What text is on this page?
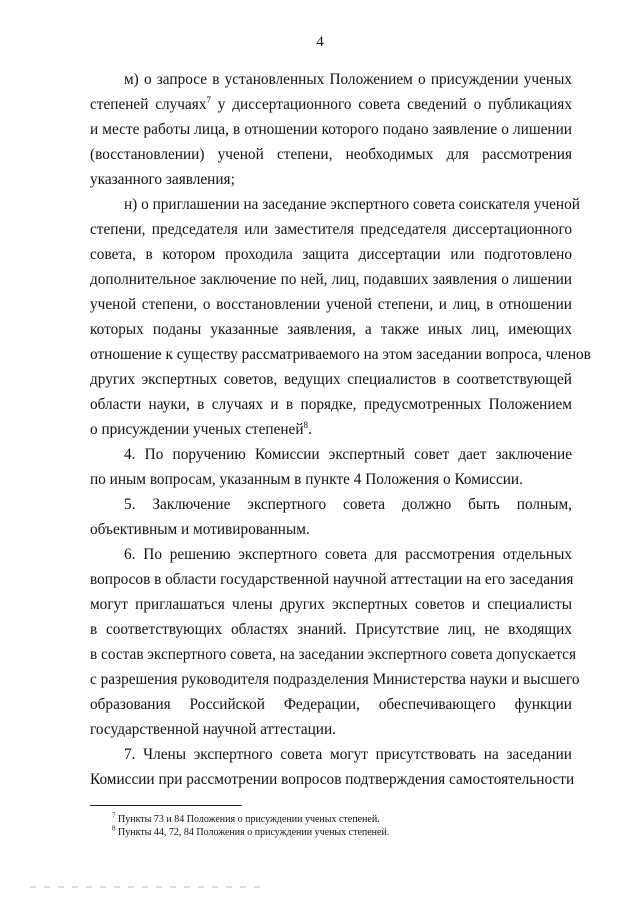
4
м) о запросе в установленных Положением о присуждении ученых
степеней случаях$^7$ у диссертационного совета сведений о публикациях
и месте работы лица, в отношении которого подано заявление о лишении
(восстановлении) ученой степени, необходимых для рассмотрения
указанного заявления;
н) о приглашении на заседание экспертного совета соискателя ученой
степени, председателя или заместителя председателя диссертационного
совета, в котором проходила защита диссертации или подготовлено
дополнительное заключение по ней, лиц, подавших заявления о лишении
ученой степени, о восстановлении ученой степени, и лиц, в отношении
которых поданы указанные заявления, а также иных лиц, имеющих
отношение к существу рассматриваемого на этом заседании вопроса, членов
других экспертных советов, ведущих специалистов в соответствующей
области науки, в случаях и в порядке, предусмотренных Положением
о присуждении ученых степеней$^8$.
4. По поручению Комиссии экспертный совет дает заключение
по иным вопросам, указанным в пункте 4 Положения о Комиссии.
5. Заключение экспертного совета должно быть полным,
объективным и мотивированным.
6. По решению экспертного совета для рассмотрения отдельных
вопросов в области государственной научной аттестации на его заседания
могут приглашаться члены других экспертных советов и специалисты
в соответствующих областях знаний. Присутствие лиц, не входящих
в состав экспертного совета, на заседании экспертного совета допускается
с разрешения руководителя подразделения Министерства науки и высшего
образования Российской Федерации, обеспечивающего функции
государственной научной аттестации.
7. Члены экспертного совета могут присутствовать на заседании
Комиссии при рассмотрении вопросов подтверждения самостоятельности
$^7$ Пункты 73 и 84 Положения о присуждении ученых степеней.
$^8$ Пункты 44, 72, 84 Положения о присуждении ученых степеней.
